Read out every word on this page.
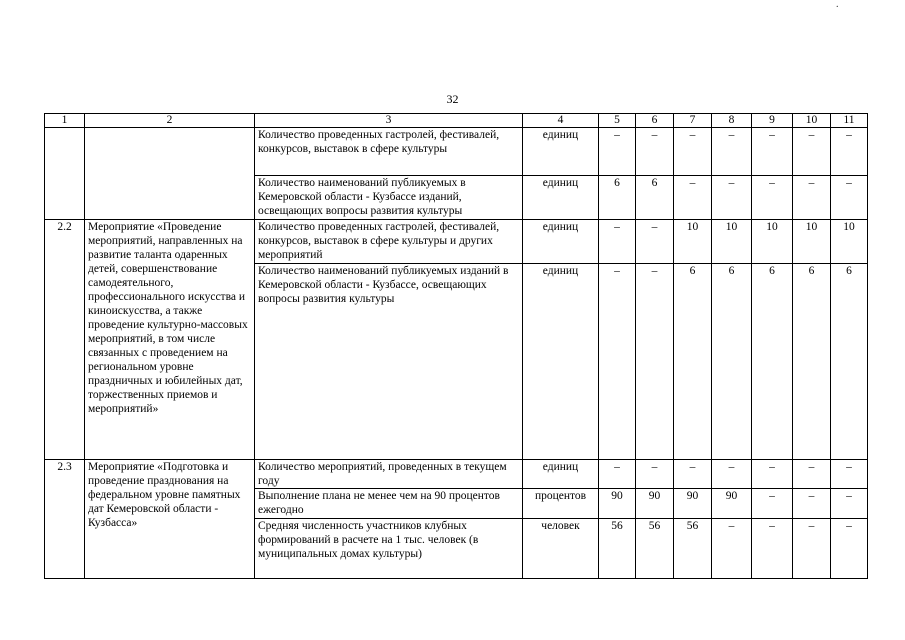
.
32
1	2	3	4	5	6	7	8	9	10	11
		Количество проведенных гастролей, фестивалей, конкурсов, выставок в сфере культуры	единиц	–	–	–	–	–	–	–
		Количество наименований публикуемых в Кемеровской области - Кузбассе изданий, освещающих вопросы развития культуры	единиц	6	6	–	–	–	–	–
2.2	Мероприятие «Проведение мероприятий, направленных на развитие таланта одаренных детей, совершенствование самодеятельного, профессионального искусства и киноискусства, а также проведение культурно-массовых мероприятий, в том числе связанных с проведением на региональном уровне праздничных и юбилейных дат, торжественных приемов и мероприятий»	Количество проведенных гастролей, фестивалей, конкурсов, выставок в сфере культуры и других мероприятий	единиц	–	–	10	10	10	10	10
		Количество наименований публикуемых изданий в Кемеровской области - Кузбассе, освещающих вопросы развития культуры	единиц	–	–	6	6	6	6	6
2.3	Мероприятие «Подготовка и проведение празднования на федеральном уровне памятных дат Кемеровской области - Кузбасса»	Количество мероприятий, проведенных в текущем году	единиц	–	–	–	–	–	–	–
		Выполнение плана не менее чем на 90 процентов ежегодно	процентов	90	90	90	90	–	–	–
		Средняя численность участников клубных формирований в расчете на 1 тыс. человек (в муниципальных домах культуры)	человек	56	56	56	–	–	–	–
